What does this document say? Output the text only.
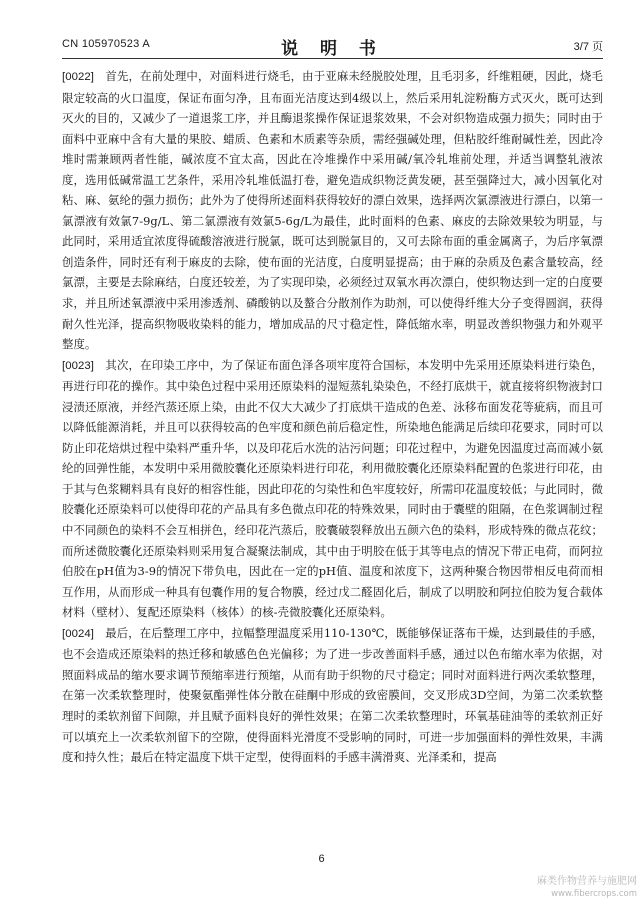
CN 105970523 A	说 明 书	3/7 页

[0022] 首先，在前处理中，对面料进行烧毛，由于亚麻未经脱胶处理，且毛羽多，纤维粗硬，因此，烧毛限定较高的火口温度，保证布面匀净，且布面光洁度达到4级以上，然后采用轧淀粉酶方式灭火，既可达到灭火的目的，又减少了一道退浆工序，并且酶退浆操作保证退浆效果，不会对织物造成强力损失；同时由于面料中亚麻中含有大量的果胶、蜡质、色素和木质素等杂质，需经强碱处理，但粘胶纤维耐碱性差，因此冷堆时需兼顾两者性能，碱浓度不宜太高，因此在冷堆操作中采用碱/氧冷轧堆前处理，并适当调整轧液浓度，选用低碱常温工艺条件，采用冷轧堆低温打卷，避免造成织物泛黄发硬，甚至强降过大，减小因氧化对粘、麻、氨纶的强力损伤；此外为了使得所述面料获得较好的漂白效果，选择两次氯漂液进行漂白，以第一氯漂液有效氯7-9g/L、第二氯漂液有效氯5-6g/L为最佳，此时面料的色素、麻皮的去除效果较为明显，与此同时，采用适宜浓度得硫酸溶液进行脱氯，既可达到脱氯目的，又可去除布面的重金属离子，为后序氧漂创造条件，同时还有利于麻皮的去除，使布面的光洁度，白度明显提高；由于麻的杂质及色素含量较高，经氯漂，主要是去除麻结，白度还较差，为了实现印染，必须经过双氧水再次漂白，使织物达到一定的白度要求，并且所述氧漂液中采用渗透剂、磷酸钠以及螯合分散剂作为助剂，可以使得纤维大分子变得圆润，获得耐久性光泽，提高织物吸收染料的能力，增加成品的尺寸稳定性，降低缩水率，明显改善织物强力和外观平整度。

[0023] 其次，在印染工序中，为了保证布面色泽各项牢度符合国标，本发明中先采用还原染料进行染色，再进行印花的操作。其中染色过程中采用还原染料的湿短蒸轧染染色，不经打底烘干，就直接将织物液封口浸渍还原液，并经汽蒸还原上染，由此不仅大大减少了打底烘干造成的色差、泳移布面发花等疵病，而且可以降低能源消耗，并且可以获得较高的色牢度和颜色前后稳定性，所染地色能满足后续印花要求，同时可以防止印花焙烘过程中染料严重升华，以及印花后水洗的沾污问题；印花过程中，为避免因温度过高而减小氨纶的回弹性能，本发明中采用微胶囊化还原染料进行印花，利用微胶囊化还原染料配置的色浆进行印花，由于其与色浆糊料具有良好的相容性能，因此印花的匀染性和色牢度较好，所需印花温度较低；与此同时，微胶囊化还原染料可以使得印花的产品具有多色微点印花的特殊效果，同时由于囊壁的阻隔，在色浆调制过程中不同颜色的染料不会互相拼色，经印花汽蒸后，胶囊破裂释放出五颜六色的染料，形成特殊的微点花纹；而所述微胶囊化还原染料则采用复合凝聚法制成，其中由于明胶在低于其等电点的情况下带正电荷，而阿拉伯胶在pH值为3-9的情况下带负电，因此在一定的pH值、温度和浓度下，这两种聚合物因带相反电荷而相互作用，从而形成一种具有包囊作用的复合物膜，经过戊二醛固化后，制成了以明胶和阿拉伯胶为复合载体材料（壁材）、复配还原染料（核体）的核-壳微胶囊化还原染料。

[0024] 最后，在后整理工序中，拉幅整理温度采用110-130℃，既能够保证落布干燥，达到最佳的手感，也不会造成还原染料的热迁移和敏感色色光偏移；为了进一步改善面料手感，通过以色布缩水率为依据，对照面料成品的缩水要求调节预缩率进行预缩，从而有助于织物的尺寸稳定；同时对面料进行两次柔软整理，在第一次柔软整理时，使聚氨酯弹性体分散在硅酮中形成的致密膜间，交叉形成3D空间，为第二次柔软整理时的柔软剂留下间隙，并且赋予面料良好的弹性效果；在第二次柔软整理时，环氧基硅油等的柔软剂正好可以填充上一次柔软剂留下的空隙，使得面料光滑度不受影响的同时，可进一步加强面料的弹性效果，丰满度和持久性；最后在特定温度下烘干定型，使得面料的手感丰满滑爽、光泽柔和，提高

6
麻类作物营养与施肥网
www.fibercrops.com
